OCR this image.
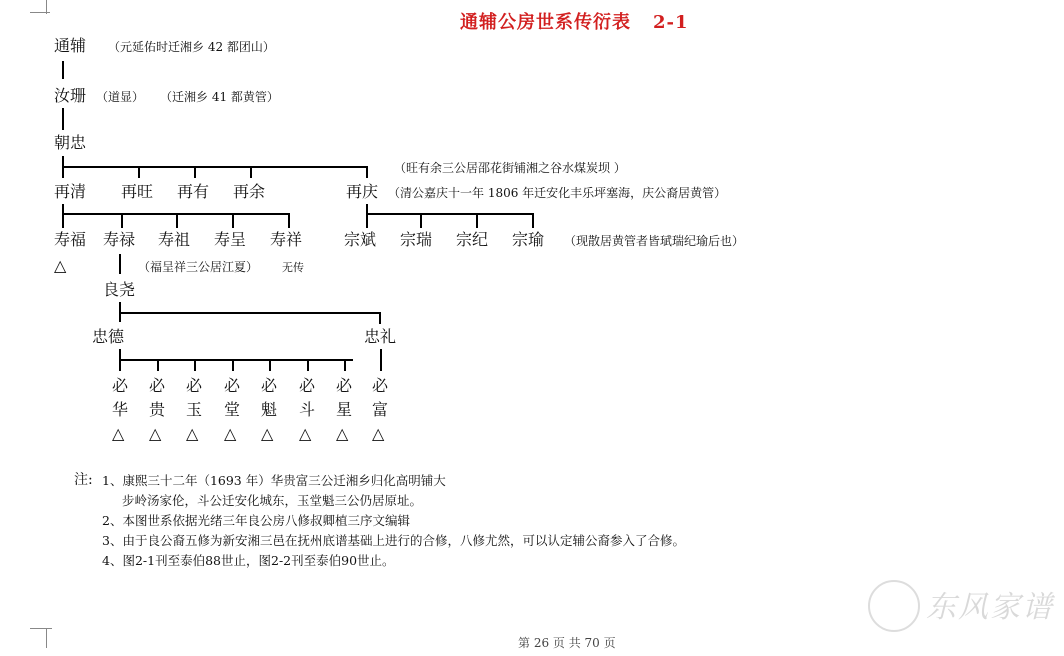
通辅公房世系传衍表 2-1
通辅 （元延佑时迁湘乡 42 都团山）
汝珊 （道显） （迁湘乡 41 都黄管）
朝忠
（旺有余三公居邵花街铺湘之谷水煤炭坝 ）
再清 再旺 再有 再余	再庆 （清公嘉庆十一年 1806 年迁安化丰乐坪塞海，庆公裔居黄管）
寿福 寿禄 寿祖 寿呈 寿祥	宗斌 宗瑞 宗纪 宗瑜 （现散居黄管者皆珷瑞纪瑜后也）
△	（福呈祥三公居江夏） 无传
良尧
忠德	忠礼
必
华
△
必
贵
△
必
玉
△
必
堂
△
必
魁
△
必
斗
△
必
星
△
必
富
△
注: 1、康熙三十二年（1693 年）华贵富三公迁湘乡归化高明铺大
步岭汤家伦，斗公迁安化城东，玉堂魁三公仍居原址。
2、本图世系依据光绪三年良公房八修叔卿植三序文编辑
3、由于良公裔五修为新安湘三邑在抚州底谱基础上进行的合修，八修尤然，可以认定辅公裔参入了合修。
4、图2-1刊至泰伯88世止，图2-2刊至泰伯90世止。
第 26 页 共 70 页
东风家谱
